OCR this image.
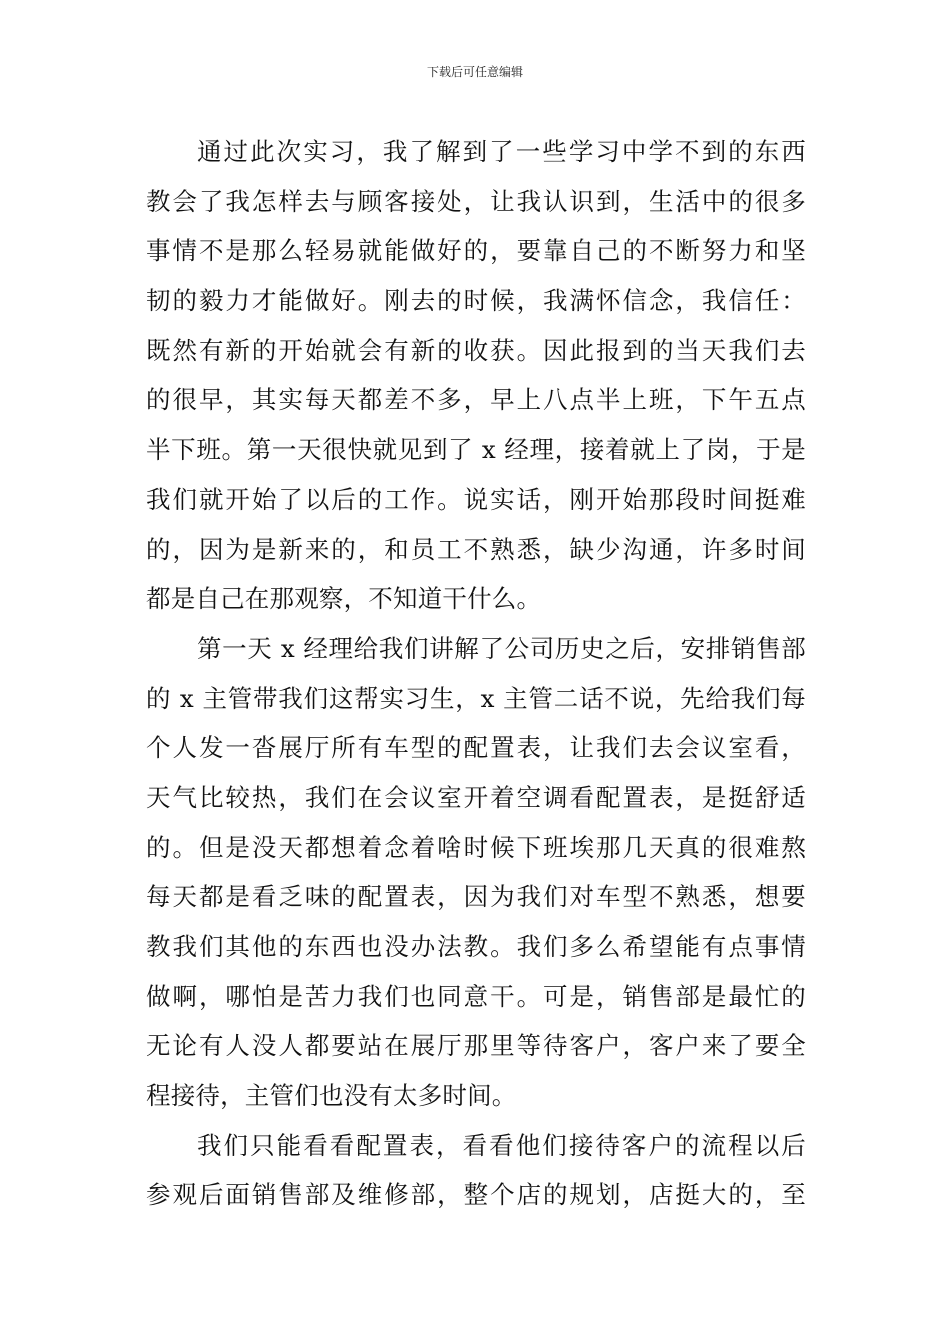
下载后可任意编辑
通过此次实习，我了解到了一些学习中学不到的东西
教会了我怎样去与顾客接处，让我认识到，生活中的很多
事情不是那么轻易就能做好的，要靠自己的不断努力和坚
韧的毅力才能做好。刚去的时候，我满怀信念，我信任：
既然有新的开始就会有新的收获。因此报到的当天我们去
的很早，其实每天都差不多，早上八点半上班，下午五点
半下班。第一天很快就见到了 x 经理，接着就上了岗，于是
我们就开始了以后的工作。说实话，刚开始那段时间挺难
的，因为是新来的，和员工不熟悉，缺少沟通，许多时间
都是自己在那观察，不知道干什么。
第一天 x 经理给我们讲解了公司历史之后，安排销售部
的 x 主管带我们这帮实习生，x 主管二话不说，先给我们每
个人发一沓展厅所有车型的配置表，让我们去会议室看，
天气比较热，我们在会议室开着空调看配置表，是挺舒适
的。但是没天都想着念着啥时候下班埃那几天真的很难熬
每天都是看乏味的配置表，因为我们对车型不熟悉，想要
教我们其他的东西也没办法教。我们多么希望能有点事情
做啊，哪怕是苦力我们也同意干。可是，销售部是最忙的
无论有人没人都要站在展厅那里等待客户，客户来了要全
程接待，主管们也没有太多时间。
我们只能看看配置表，看看他们接待客户的流程以后
参观后面销售部及维修部，整个店的规划，店挺大的，至
